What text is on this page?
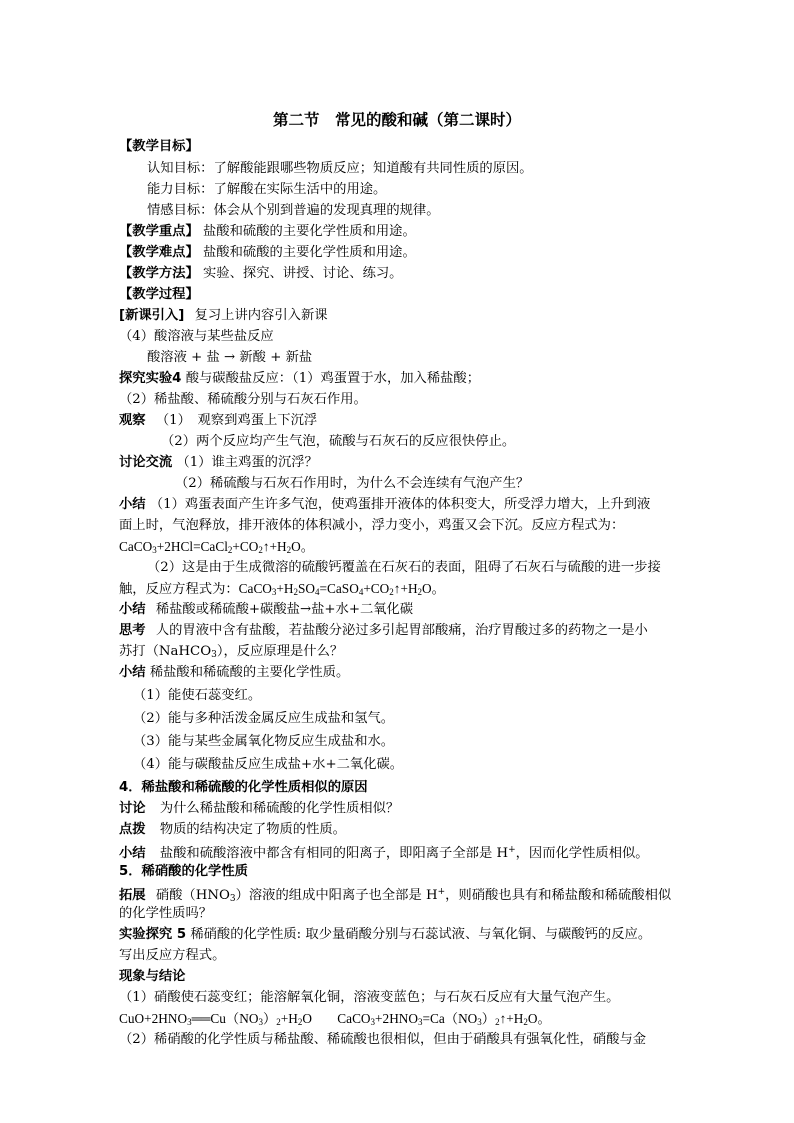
第二节　常见的酸和碱（第二课时）
【教学目标】
认知目标：了解酸能跟哪些物质反应；知道酸有共同性质的原因。
能力目标：了解酸在实际生活中的用途。
情感目标：体会从个别到普遍的发现真理的规律。
【教学重点】 盐酸和硫酸的主要化学性质和用途。
【教学难点】 盐酸和硫酸的主要化学性质和用途。
【教学方法】 实验、探究、讲授、讨论、练习。
【教学过程】
[新课引入] 复习上讲内容引入新课
（4）酸溶液与某些盐反应
酸溶液 + 盐 → 新酸 + 新盐
探究实验4 酸与碳酸盐反应：（1）鸡蛋置于水，加入稀盐酸；
（2）稀盐酸、稀硫酸分别与石灰石作用。
观察 （1）　观察到鸡蛋上下沉浮
（2）两个反应均产生气泡，硫酸与石灰石的反应很快停止。
讨论交流 （1）谁主鸡蛋的沉浮？
（2）稀硫酸与石灰石作用时，为什么不会连续有气泡产生？
小结 （1）鸡蛋表面产生许多气泡，使鸡蛋排开液体的体积变大，所受浮力增大，上升到液
面上时，气泡释放，排开液体的体积减小，浮力变小，鸡蛋又会下沉。反应方程式为：
$CaCO_3+2HCl=CaCl_2+CO_2↑+H_2O$。
（2）这是由于生成微溶的硫酸钙覆盖在石灰石的表面，阻碍了石灰石与硫酸的进一步接
触，反应方程式为：$CaCO_3+H_2SO_4=CaSO_4+CO_2↑+H_2O$。
小结 稀盐酸或稀硫酸+碳酸盐→盐+水+二氧化碳
思考 人的胃液中含有盐酸，若盐酸分泌过多引起胃部酸痛，治疗胃酸过多的药物之一是小
苏打（NaHCO$_3$），反应原理是什么？
小结 稀盐酸和稀硫酸的主要化学性质。
（1）能使石蕊变红。
（2）能与多种活泼金属反应生成盐和氢气。
（3）能与某些金属氧化物反应生成盐和水。
（4）能与碳酸盐反应生成盐+水+二氧化碳。
4．稀盐酸和稀硫酸的化学性质相似的原因
讨论 为什么稀盐酸和稀硫酸的化学性质相似？
点拨 物质的结构决定了物质的性质。
小结 盐酸和硫酸溶液中都含有相同的阳离子，即阳离子全部是 H+，因而化学性质相似。
5．稀硝酸的化学性质
拓展 硝酸$(HNO_3)$溶液的组成中阳离子也全部是 H+，则硝酸也具有和稀盐酸和稀硫酸相似
的化学性质吗？
实验探究 5 稀硝酸的化学性质: 取少量硝酸分别与石蕊试液、与氧化铜、与碳酸钙的反应。
写出反应方程式。
现象与结论
（1）硝酸使石蕊变红；能溶解氧化铜，溶液变蓝色；与石灰石反应有大量气泡产生。
$CuO+2HNO_3══Cu(NO_3)_2+H_2O$ $CaCO_3+2HNO_3=Ca(NO_3)_2↑+H_2O$。
（2）稀硝酸的化学性质与稀盐酸、稀硫酸也很相似，但由于硝酸具有强氧化性，硝酸与金
